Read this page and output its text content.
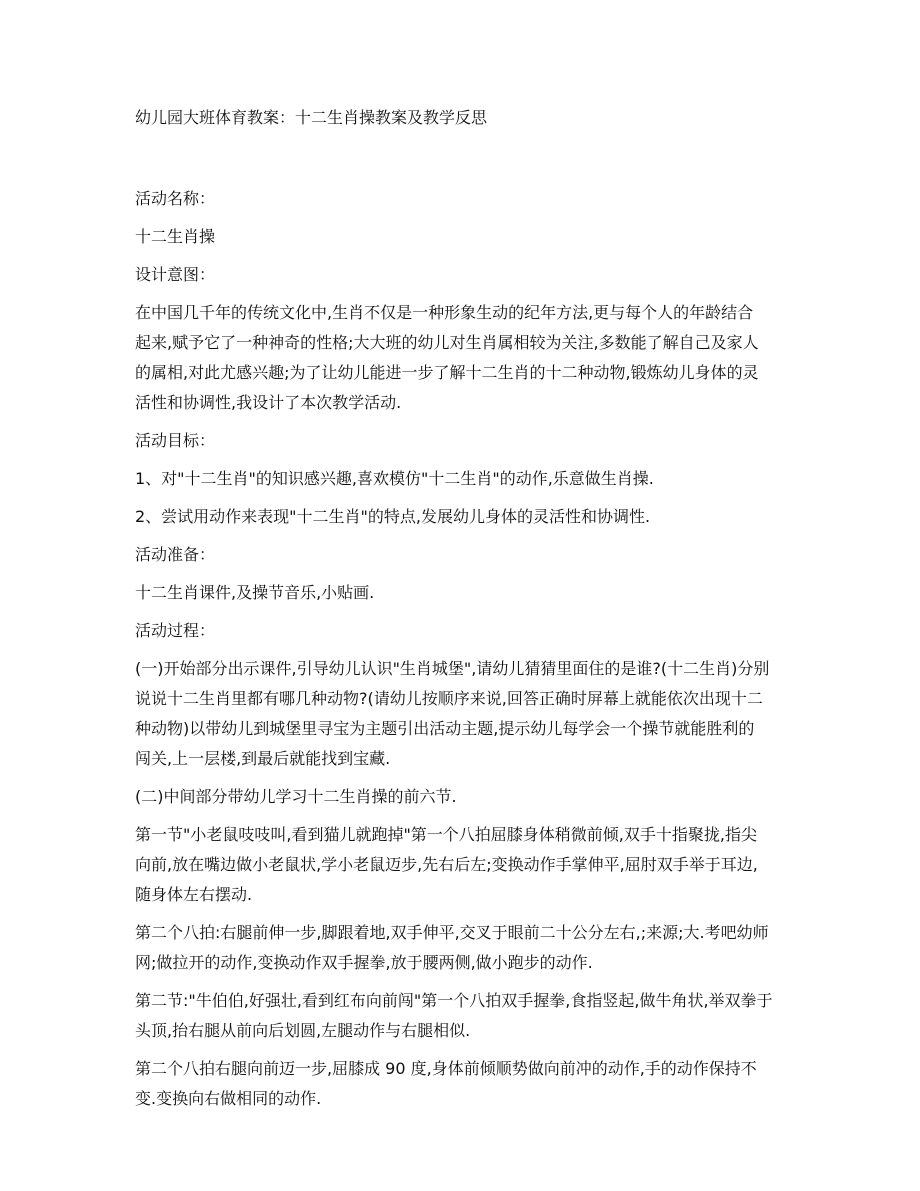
幼儿园大班体育教案：十二生肖操教案及教学反思
活动名称：
十二生肖操
设计意图：
在中国几千年的传统文化中,生肖不仅是一种形象生动的纪年方法,更与每个人的年龄结合
起来,赋予它了一种神奇的性格;大大班的幼儿对生肖属相较为关注,多数能了解自己及家人
的属相,对此尤感兴趣;为了让幼儿能进一步了解十二生肖的十二种动物,锻炼幼儿身体的灵
活性和协调性,我设计了本次教学活动.
活动目标：
1、对"十二生肖"的知识感兴趣,喜欢模仿"十二生肖"的动作,乐意做生肖操.
2、尝试用动作来表现"十二生肖"的特点,发展幼儿身体的灵活性和协调性.
活动准备：
十二生肖课件,及操节音乐,小贴画.
活动过程：
(一)开始部分出示课件,引导幼儿认识"生肖城堡",请幼儿猜猜里面住的是谁?(十二生肖)分别
说说十二生肖里都有哪几种动物?(请幼儿按顺序来说,回答正确时屏幕上就能依次出现十二
种动物)以带幼儿到城堡里寻宝为主题引出活动主题,提示幼儿每学会一个操节就能胜利的
闯关,上一层楼,到最后就能找到宝藏.
(二)中间部分带幼儿学习十二生肖操的前六节.
第一节"小老鼠吱吱叫,看到猫儿就跑掉"第一个八拍屈膝身体稍微前倾,双手十指聚拢,指尖
向前,放在嘴边做小老鼠状,学小老鼠迈步,先右后左;变换动作手掌伸平,屈肘双手举于耳边,
随身体左右摆动.
第二个八拍:右腿前伸一步,脚跟着地,双手伸平,交叉于眼前二十公分左右,;来源;大.考吧幼师
网;做拉开的动作,变换动作双手握拳,放于腰两侧,做小跑步的动作.
第二节:"牛伯伯,好强壮,看到红布向前闯"第一个八拍双手握拳,食指竖起,做牛角状,举双拳于
头顶,抬右腿从前向后划圆,左腿动作与右腿相似.
第二个八拍右腿向前迈一步,屈膝成 90 度,身体前倾顺势做向前冲的动作,手的动作保持不
变.变换向右做相同的动作.
